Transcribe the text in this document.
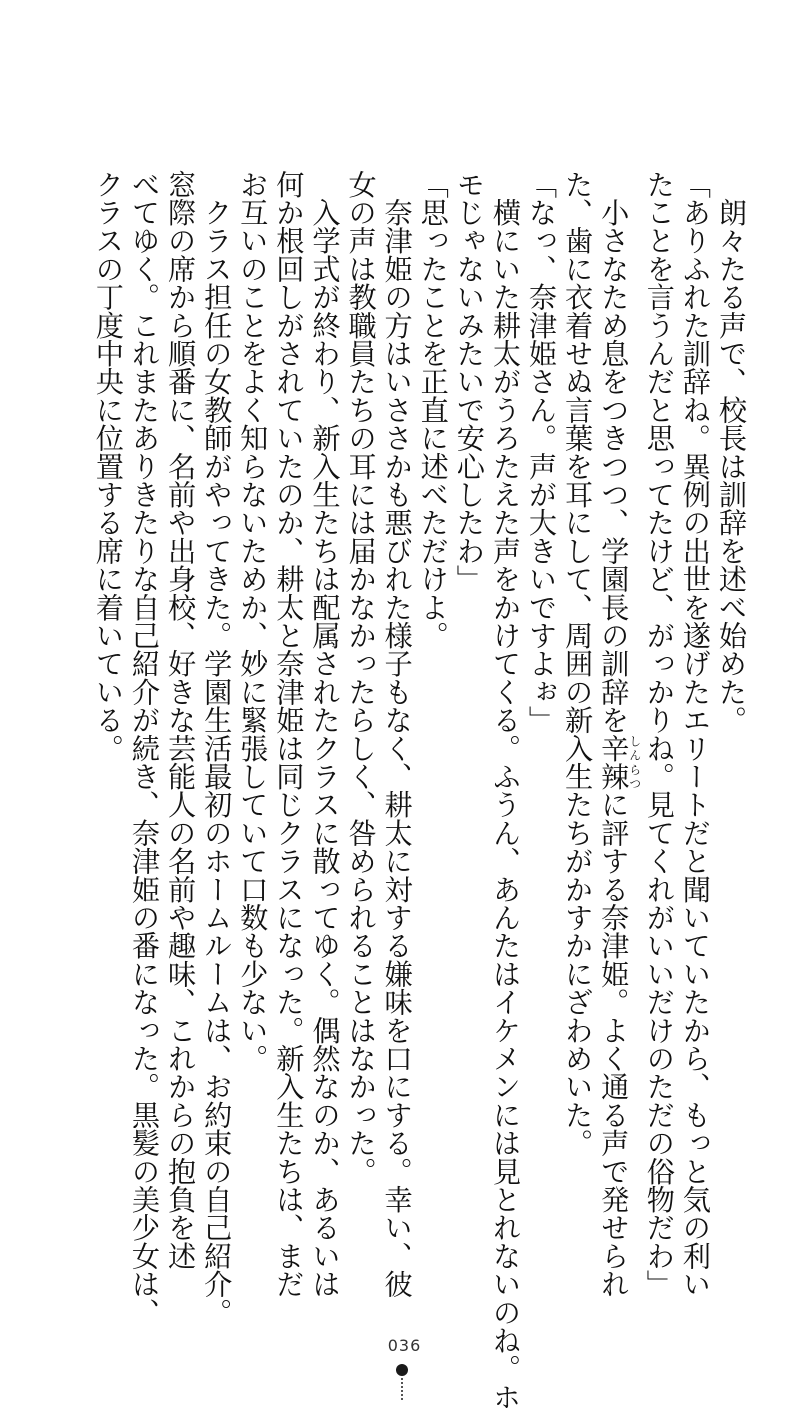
　朗々たる声で、校長は訓辞を述べ始めた。

「ありふれた訓辞ね。異例の出世を遂げたエリートだと聞いていたから、もっと気の利い

たことを言うんだと思ってたけど、がっかりね。見てくれがいいだけのただの俗物だわ」

　小さなため息をつきつつ、学園長の訓辞を辛辣しんらつに評する奈津姫。よく通る声で発せられ

た、歯に衣着せぬ言葉を耳にして、周囲の新入生たちがかすかにざわめいた。

「なっ、奈津姫さん。声が大きいですよぉ」

　横にいた耕太がうろたえた声をかけてくる。ふうん、あんたはイケメンには見とれないのね。ホ

モじゃないみたいで安心したわ」

「思ったことを正直に述べただけよ。

　奈津姫の方はいささかも悪びれた様子もなく、耕太に対する嫌味を口にする。幸い、彼

女の声は教職員たちの耳には届かなかったらしく、咎められることはなかった。

　入学式が終わり、新入生たちは配属されたクラスに散ってゆく。偶然なのか、あるいは

何か根回しがされていたのか、耕太と奈津姫は同じクラスになった。新入生たちは、まだ

お互いのことをよく知らないためか、妙に緊張していて口数も少ない。

　クラス担任の女教師がやってきた。学園生活最初のホームルームは、お約束の自己紹介。

窓際の席から順番に、名前や出身校、好きな芸能人の名前や趣味、これからの抱負を述

べてゆく。これまたありきたりな自己紹介が続き、奈津姫の番になった。黒髪の美少女は、

クラスの丁度中央に位置する席に着いている。

036
